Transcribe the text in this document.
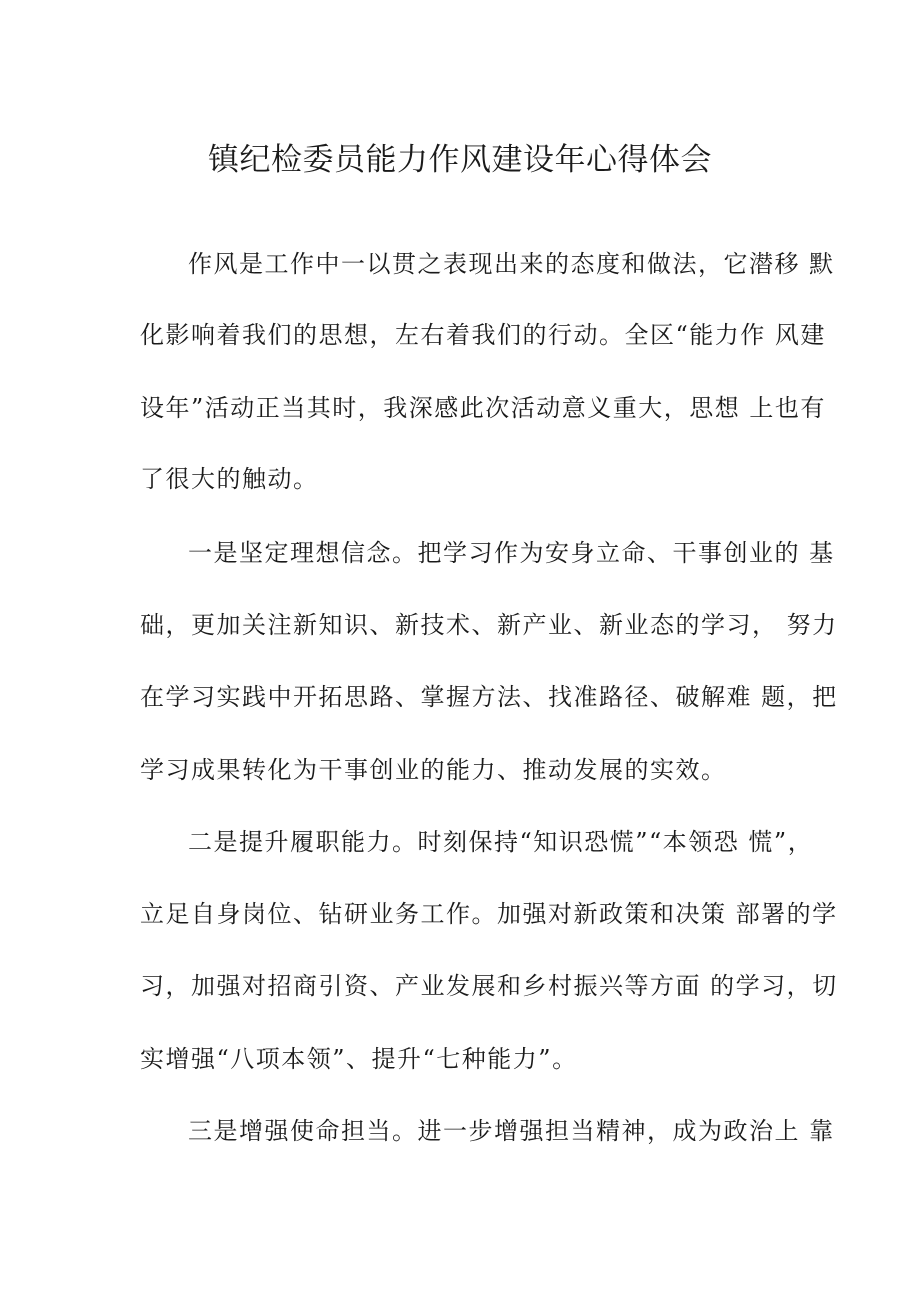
镇纪检委员能力作风建设年心得体会

作风是工作中一以贯之表现出来的态度和做法，它潜移 默

化影响着我们的思想，左右着我们的行动。全区“能力作 风建

设年”活动正当其时，我深感此次活动意义重大，思想 上也有

了很大的触动。

一是坚定理想信念。把学习作为安身立命、干事创业的 基

础，更加关注新知识、新技术、新产业、新业态的学习， 努力

在学习实践中开拓思路、掌握方法、找准路径、破解难 题，把

学习成果转化为干事创业的能力、推动发展的实效。

二是提升履职能力。时刻保持“知识恐慌”“本领恐 慌”，

立足自身岗位、钻研业务工作。加强对新政策和决策 部署的学

习，加强对招商引资、产业发展和乡村振兴等方面 的学习，切

实增强“八项本领”、提升“七种能力”。

三是增强使命担当。进一步增强担当精神，成为政治上 靠
